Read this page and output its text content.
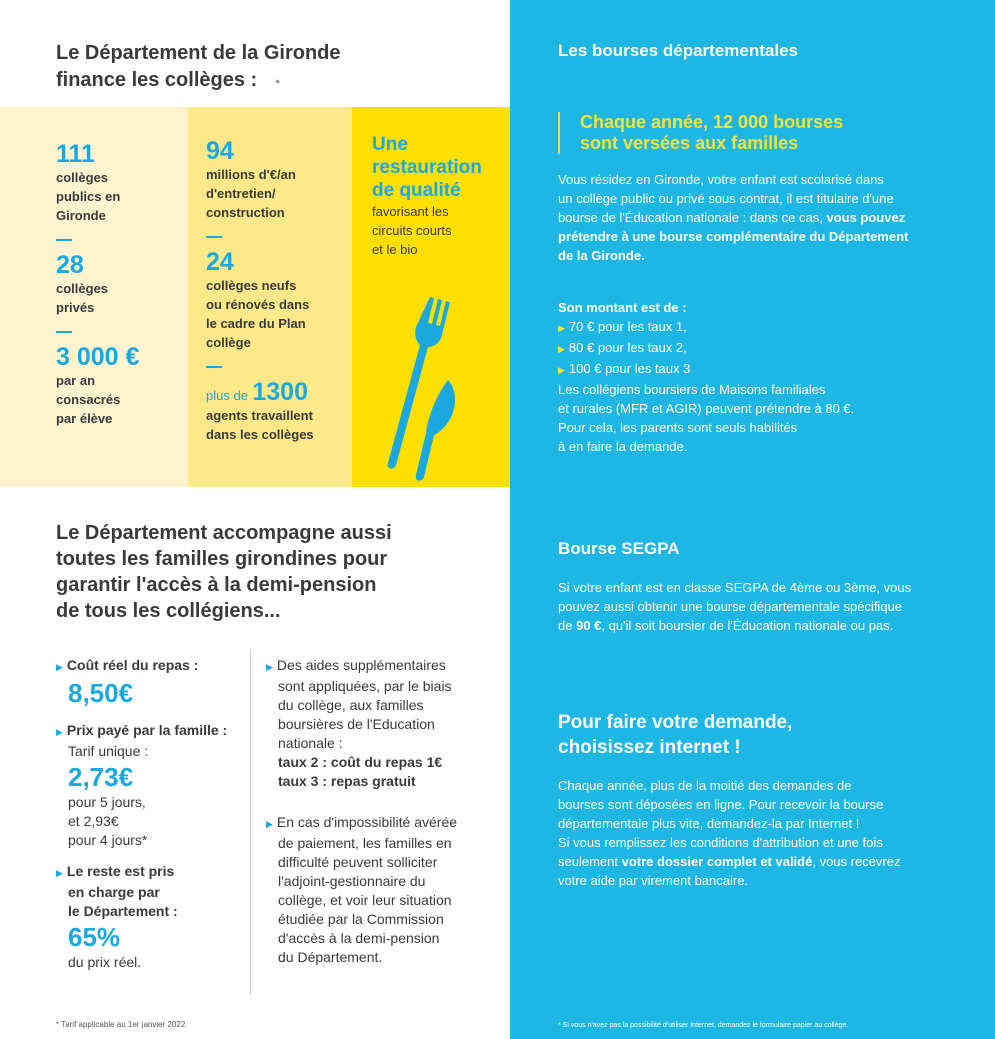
Le Département de la Gironde
finance les collèges : •
111
collèges
publics en
Gironde
28
collèges
privés
3 000 €
par an
consacrés
par élève
94
millions d'€/an
d'entretien/
construction
24
collèges neufs
ou rénovés dans
le cadre du Plan
collège
plus de 1300
agents travaillent
dans les collèges
Une
restauration
de qualité
favorisant les
circuits courts
et le bio
Le Département accompagne aussi
toutes les familles girondines pour
garantir l'accès à la demi-pension
de tous les collégiens...
▶ Coût réel du repas :
8,50€
▶ Prix payé par la famille :
Tarif unique :
2,73€
pour 5 jours,
et 2,93€
pour 4 jours*
▶ Le reste est pris
en charge par
le Département :
65%
du prix réel.
▶ Des aides supplémentaires
sont appliquées, par le biais
du collège, aux familles
boursières de l'Education
nationale :
taux 2 : coût du repas 1€
taux 3 : repas gratuit
▶ En cas d'impossibilité avérée
de paiement, les familles en
difficulté peuvent solliciter
l'adjoint-gestionnaire du
collège, et voir leur situation
étudiée par la Commission
d'accès à la demi-pension
du Département.
* Tarif applicable au 1er janvier 2022
Les bourses départementales
Chaque année, 12 000 bourses
sont versées aux familles
Vous résidez en Gironde, votre enfant est scolarisé dans
un collège public ou privé sous contrat, il est titulaire d'une
bourse de l'Éducation nationale : dans ce cas, vous pouvez
prétendre à une bourse complémentaire du Département
de la Gironde.
Son montant est de :
▶ 70 € pour les taux 1,
▶ 80 € pour les taux 2,
▶ 100 € pour les taux 3
Les collégiens boursiers de Maisons familiales
et rurales (MFR et AGIR) peuvent prétendre à 80 €.
Pour cela, les parents sont seuls habilités
à en faire la demande.
Bourse SEGPA
Si votre enfant est en classe SEGPA de 4ème ou 3ème, vous
pouvez aussi obtenir une bourse départementale spécifique
de 90 €, qu'il soit boursier de l'Éducation nationale ou pas.
Pour faire votre demande,
choisissez internet !
Chaque année, plus de la moitié des demandes de
bourses sont déposées en ligne. Pour recevoir la bourse
départementale plus vite, demandez-la par Internet !
Si vous remplissez les conditions d'attribution et une fois
seulement votre dossier complet et validé, vous recevrez
votre aide par virement bancaire.
* Si vous n'avez pas la possibilité d'utiliser Internet, demandez le formulaire papier au collège.
